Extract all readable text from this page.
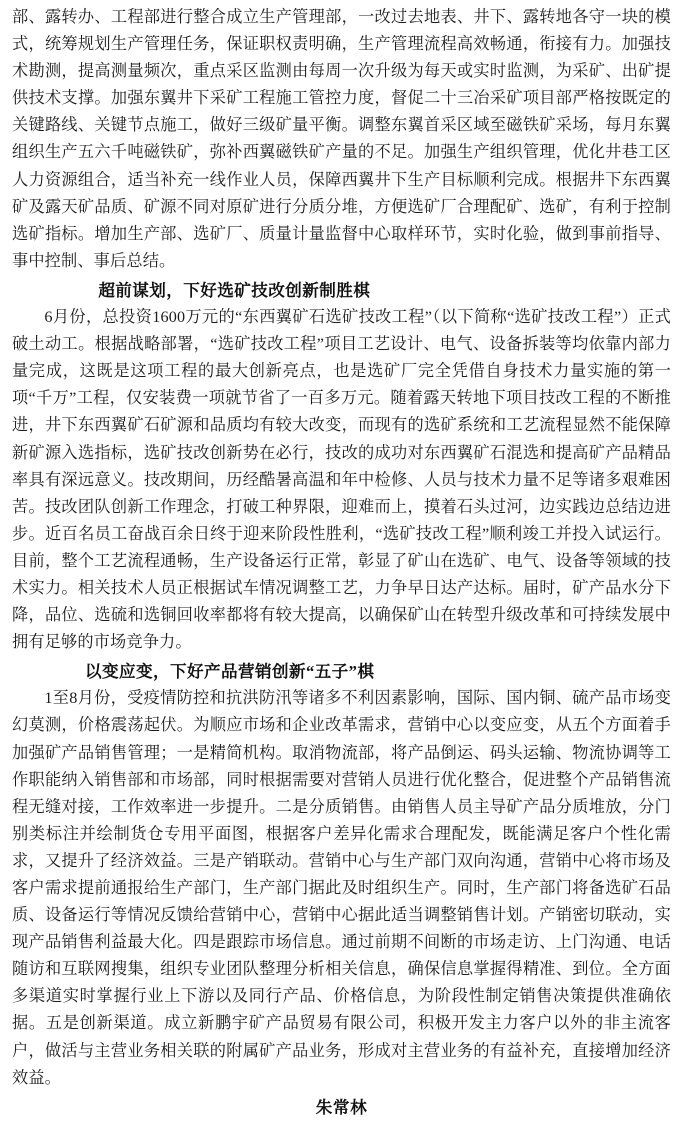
部、露转办、工程部进行整合成立生产管理部，一改过去地表、井下、露转地各守一块的模式，统筹规划生产管理任务，保证职权责明确，生产管理流程高效畅通，衔接有力。加强技术勘测，提高测量频次，重点采区监测由每周一次升级为每天或实时监测，为采矿、出矿提供技术支撑。加强东翼井下采矿工程施工管控力度，督促二十三冶采矿项目部严格按既定的关键路线、关键节点施工，做好三级矿量平衡。调整东翼首采区域至磁铁矿采场，每月东翼组织生产五六千吨磁铁矿，弥补西翼磁铁矿产量的不足。加强生产组织管理，优化井巷工区人力资源组合，适当补充一线作业人员，保障西翼井下生产目标顺利完成。根据井下东西翼矿及露天矿品质、矿源不同对原矿进行分质分堆，方便选矿厂合理配矿、选矿，有利于控制选矿指标。增加生产部、选矿厂、质量计量监督中心取样环节，实时化验，做到事前指导、事中控制、事后总结。

超前谋划，下好选矿技改创新制胜棋

6月份，总投资1600万元的“东西翼矿石选矿技改工程”（以下简称“选矿技改工程”）正式破土动工。根据战略部署，“选矿技改工程”项目工艺设计、电气、设备拆装等均依靠内部力量完成，这既是这项工程的最大创新亮点，也是选矿厂完全凭借自身技术力量实施的第一项“千万”工程，仅安装费一项就节省了一百多万元。随着露天转地下项目技改工程的不断推进，井下东西翼矿石矿源和品质均有较大改变，而现有的选矿系统和工艺流程显然不能保障新矿源入选指标，选矿技改创新势在必行，技改的成功对东西翼矿石混选和提高矿产品精品率具有深远意义。技改期间，历经酷暑高温和年中检修、人员与技术力量不足等诸多艰难困苦。技改团队创新工作理念，打破工种界限，迎难而上，摸着石头过河，边实践边总结边进步。近百名员工奋战百余日终于迎来阶段性胜利，“选矿技改工程”顺利竣工并投入试运行。目前，整个工艺流程通畅，生产设备运行正常，彰显了矿山在选矿、电气、设备等领域的技术实力。相关技术人员正根据试车情况调整工艺，力争早日达产达标。届时，矿产品水分下降，品位、选硫和选铜回收率都将有较大提高，以确保矿山在转型升级改革和可持续发展中拥有足够的市场竞争力。

以变应变，下好产品营销创新“五子”棋

1至8月份，受疫情防控和抗洪防汛等诸多不利因素影响，国际、国内铜、硫产品市场变幻莫测，价格震荡起伏。为顺应市场和企业改革需求，营销中心以变应变，从五个方面着手加强矿产品销售管理；一是精简机构。取消物流部，将产品倒运、码头运输、物流协调等工作职能纳入销售部和市场部，同时根据需要对营销人员进行优化整合，促进整个产品销售流程无缝对接，工作效率进一步提升。二是分质销售。由销售人员主导矿产品分质堆放，分门别类标注并绘制货仓专用平面图，根据客户差异化需求合理配发，既能满足客户个性化需求，又提升了经济效益。三是产销联动。营销中心与生产部门双向沟通，营销中心将市场及客户需求提前通报给生产部门，生产部门据此及时组织生产。同时，生产部门将备选矿石品质、设备运行等情况反馈给营销中心，营销中心据此适当调整销售计划。产销密切联动，实现产品销售利益最大化。四是跟踪市场信息。通过前期不间断的市场走访、上门沟通、电话随访和互联网搜集，组织专业团队整理分析相关信息，确保信息掌握得精准、到位。全方面多渠道实时掌握行业上下游以及同行产品、价格信息，为阶段性制定销售决策提供准确依据。五是创新渠道。成立新鹏宇矿产品贸易有限公司，积极开发主力客户以外的非主流客户，做活与主营业务相关联的附属矿产品业务，形成对主营业务的有益补充，直接增加经济效益。

朱常林
